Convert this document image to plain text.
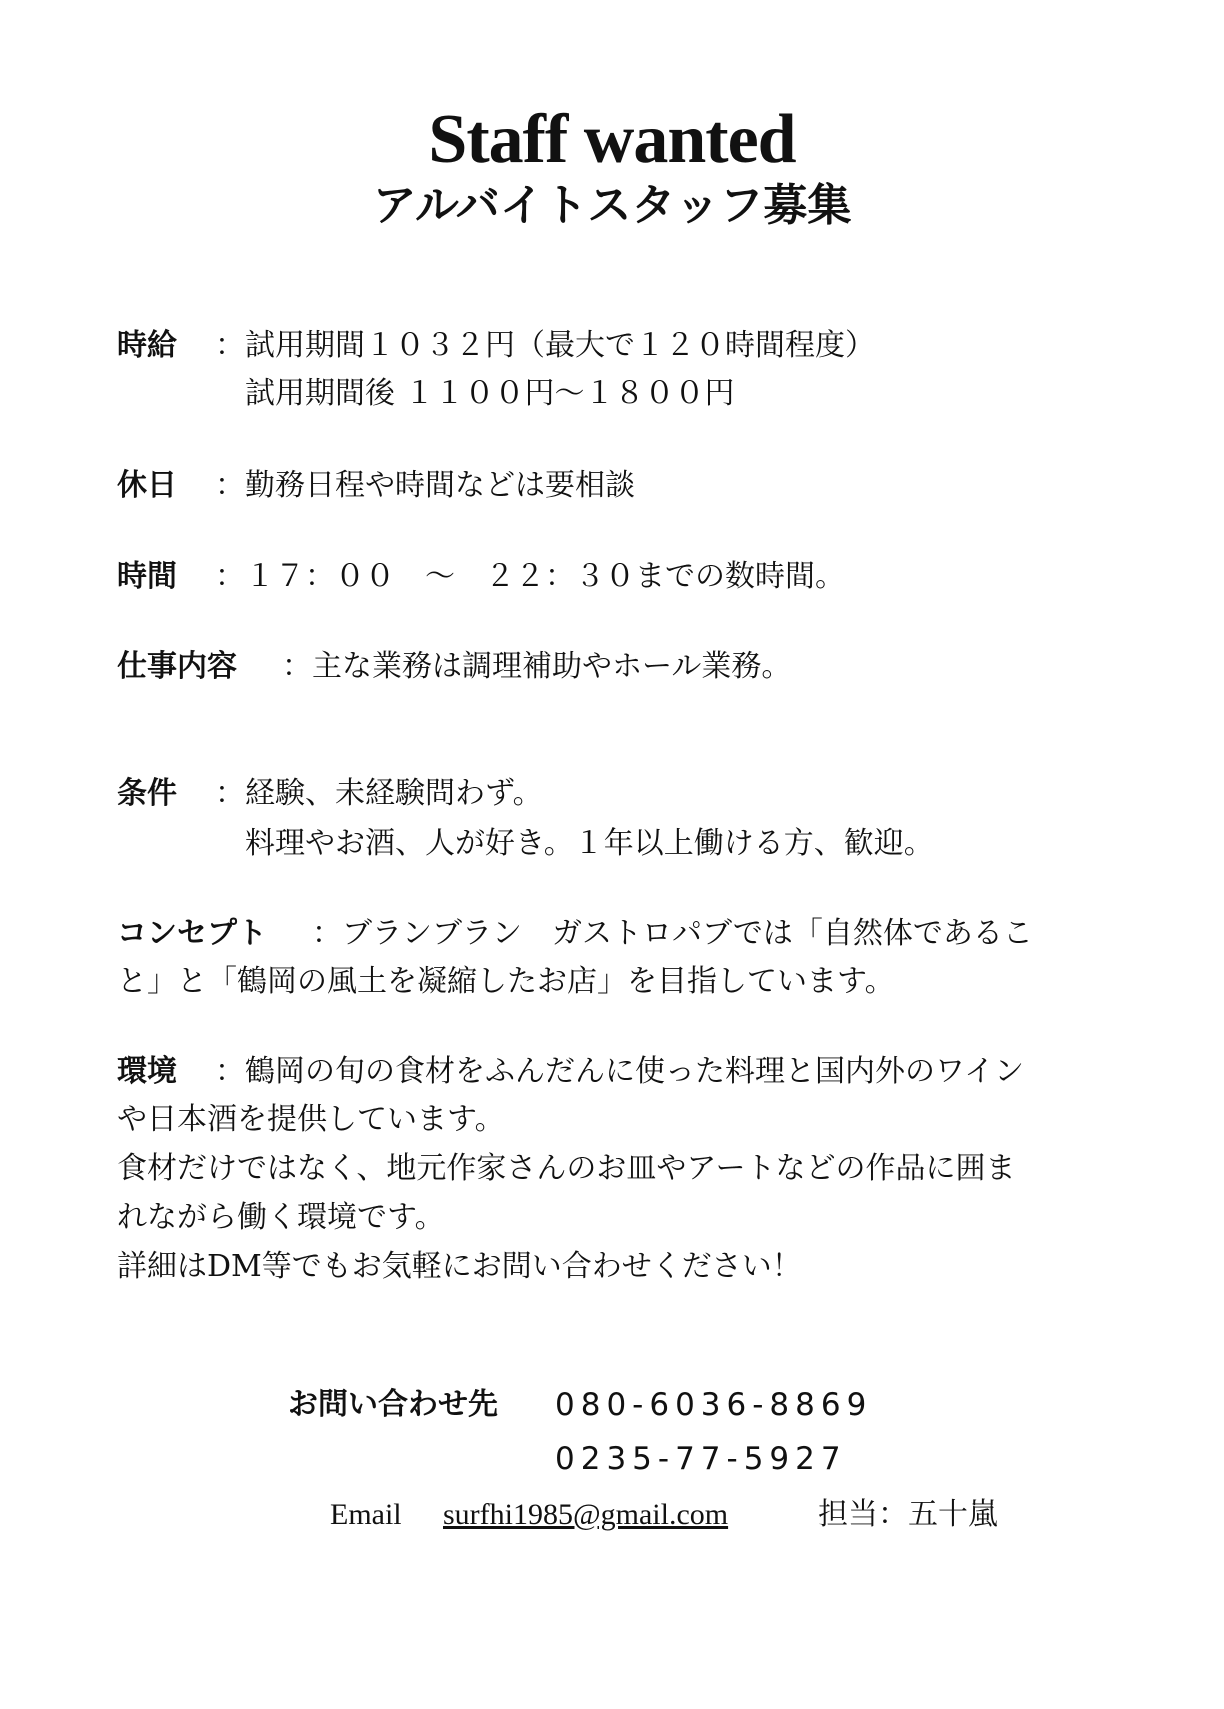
Staff wanted
アルバイトスタッフ募集
時給 ：試用期間１０３２円（最大で１２０時間程度）
試用期間後 １１００円〜１８００円
休日 ：勤務日程や時間などは要相談
時間 ：１７：００　〜　２２：３０までの数時間。
仕事内容 ：主な業務は調理補助やホール業務。
条件 ：経験、未経験問わず。
料理やお酒、人が好き。１年以上働ける方、歓迎。
コンセプト ：ブランブラン　ガストロパブでは「自然体であるこ
と」と「鶴岡の風土を凝縮したお店」を目指しています。
環境 ：鶴岡の旬の食材をふんだんに使った料理と国内外のワイン
や日本酒を提供しています。
食材だけではなく、地元作家さんのお皿やアートなどの作品に囲ま
れながら働く環境です。
詳細はDM等でもお気軽にお問い合わせください！
お問い合わせ先 080-6036-8869
0235-77-5927
Email surfhi1985@gmail.com	担当：五十嵐
